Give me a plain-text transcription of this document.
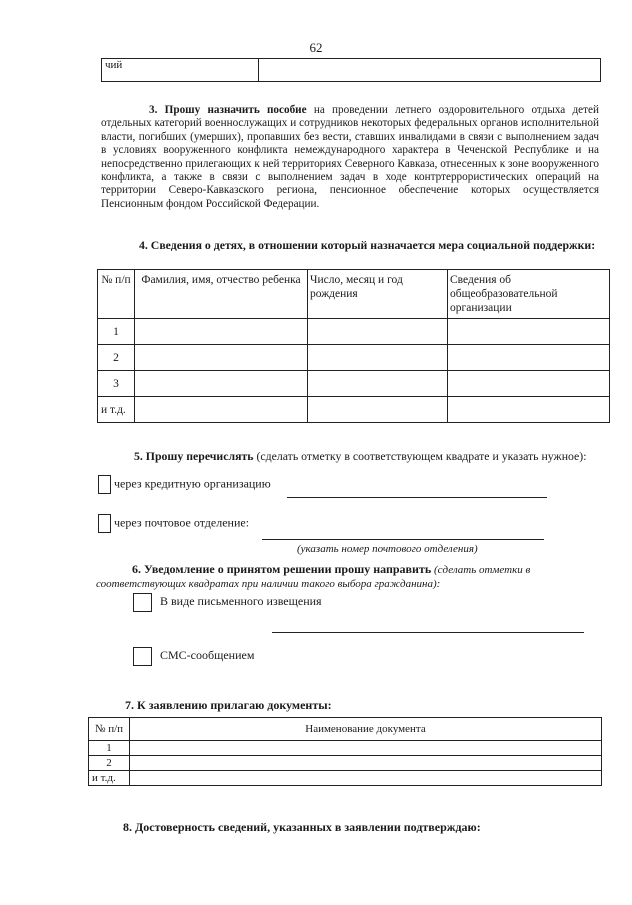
62
чий	
3. Прошу назначить пособие на проведении летнего оздоровительного отдыха детей отдельных категорий военнослужащих и сотрудников некоторых федеральных органов исполнительной власти, погибших (умерших), пропавших без вести, ставших инвалидами в связи с выполнением задач в условиях вооруженного конфликта немеждународного характера в Чеченской Республике и на непосредственно прилегающих к ней территориях Северного Кавказа, отнесенных к зоне вооруженного конфликта, а также в связи с выполнением задач в ходе контртеррористических операций на территории Северо-Кавказского региона, пенсионное обеспечение которых осуществляется Пенсионным фондом Российской Федерации.
4. Сведения о детях, в отношении который назначается мера социальной поддержки:
№ п/п	Фамилия, имя, отчество ребенка	Число, месяц и год рождения	Сведения об общеобразовательной организации
1			
2			
3			
и т.д.			
5. Прошу перечислять (сделать отметку в соответствующем квадрате и указать нужное):
через кредитную организацию
через почтовое отделение:
(указать номер почтового отделения)
6. Уведомление о принятом решении прошу направить (сделать отметки в соответствующих квадратах при наличии такого выбора гражданина):
В виде письменного извещения
СМС-сообщением
7. К заявлению прилагаю документы:
№ п/п	Наименование документа
1	
2	
и т.д.	
8. Достоверность сведений, указанных в заявлении подтверждаю:
